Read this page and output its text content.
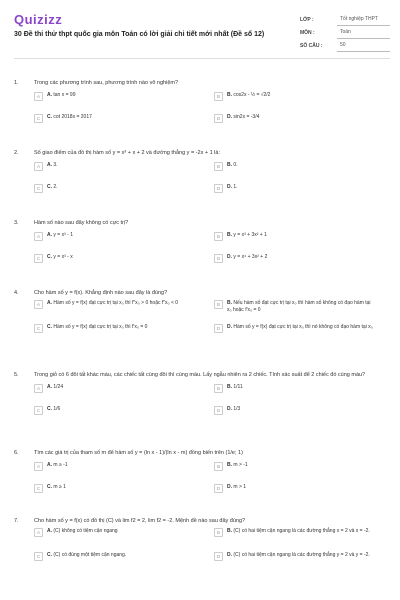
Quizizz
30 Đề thi thử thpt quốc gia môn Toán có lời giải chi tiết mới nhất (Đề số 12)
LỚP :	Tốt nghiệp THPT
MÔN :	Toán
SỐ CÂU :	50
1.	Trong các phương trình sau, phương trình nào vô nghiệm?
A	A. tan x = 99	B	B. cos2x - ½ = √2/2
C	C. cot 2018x = 2017	D	D. sin2x = -3/4
2.	Số giao điểm của đồ thị hàm số y = x³ + x + 2 và đường thẳng y = -2x + 1 là:
A	A. 3.	B	B. 0.
C	C. 2.	D	D. 1.
3.	Hàm số nào sau đây không có cực trị?
A	A. y = x³ - 1	B	B. y = x³ + 3x² + 1
C	C. y = x³ - x	D	D. y = x⁴ + 3x² + 2
4.	Cho hàm số y = f(x). Khẳng định nào sau đây là đúng?
A	A. Hàm số y = f(x) đạt cực trị tại x₀ thì f″x₀ > 0 hoặc f″x₀ < 0	B	B. Nếu hàm số đạt cực trị tại x₀ thì hàm số không có đạo hàm tại x₀ hoặc f′x₀ = 0
C	C. Hàm số y = f(x) đạt cực trị tại x₀ thì f′x₀ = 0	D	D. Hàm số y = f(x) đạt cực trị tại x₀ thì nó không có đạo hàm tại x₀
5.	Trong giỏ có 6 đôi tất khác màu, các chiếc tất cùng đôi thì cùng màu. Lấy ngẫu nhiên ra 2 chiếc. Tính xác suất để 2 chiếc đó cùng màu?
A	A. 1/24	B	B. 1/11
C	C. 1/6	D	D. 1/3
6.	Tìm các giá trị của tham số m để hàm số y = (ln x - 1)/(ln x - m) đồng biến trên (1/e; 1)
A	A. m ≥ -1	B	B. m > -1
C	C. m ≥ 1	D	D. m > 1
7.	Cho hàm số y = f(x) có đồ thị (C) và lim f2 = 2, lim f2 = -2. Mệnh đề nào sau đây đúng?
A	A. (C) không có tiệm cận ngang	B	B. (C) có hai tiệm cận ngang là các đường thẳng x = 2 và x = -2.
C	C. (C) có đúng một tiệm cận ngang.	D	D. (C) có hai tiệm cận ngang là các đường thẳng y = 2 và y = -2.
